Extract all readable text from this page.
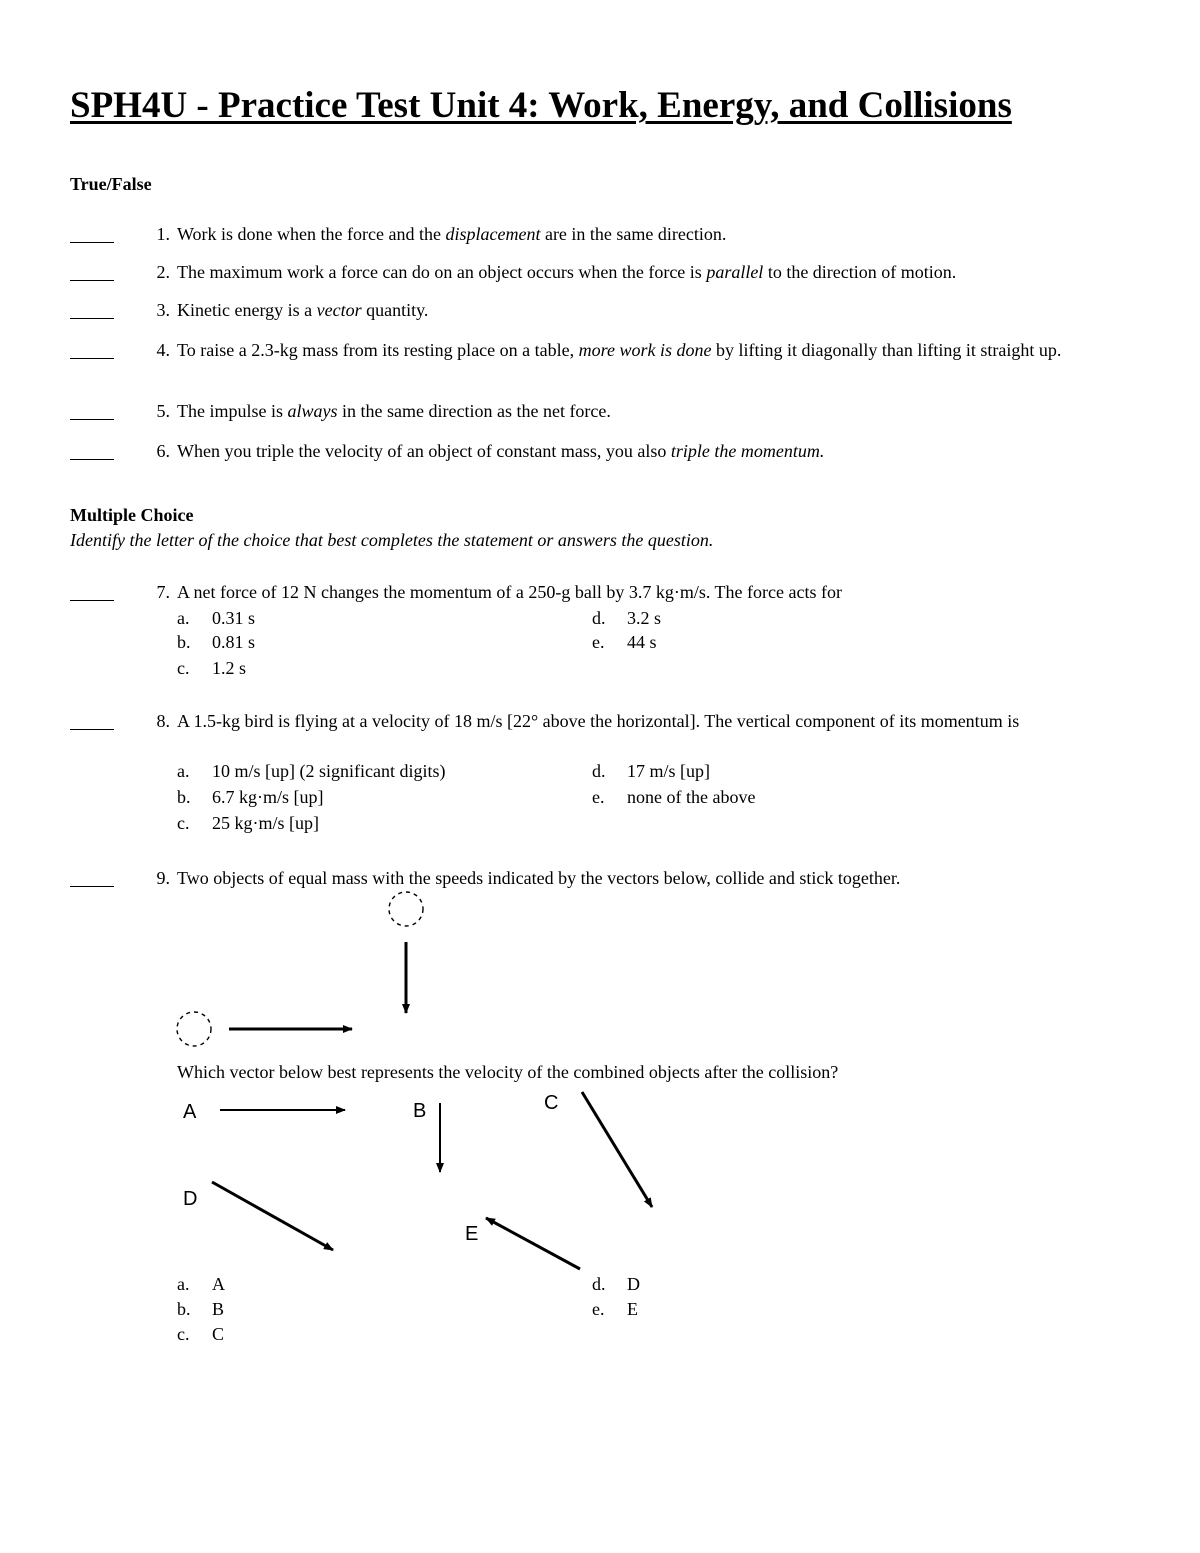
SPH4U - Practice Test Unit 4: Work, Energy, and Collisions
True/False
1. Work is done when the force and the displacement are in the same direction.
2. The maximum work a force can do on an object occurs when the force is parallel to the direction of motion.
3. Kinetic energy is a vector quantity.
4. To raise a 2.3-kg mass from its resting place on a table, more work is done by lifting it diagonally than lifting it straight up.
5. The impulse is always in the same direction as the net force.
6. When you triple the velocity of an object of constant mass, you also triple the momentum.
Multiple Choice
Identify the letter of the choice that best completes the statement or answers the question.
7. A net force of 12 N changes the momentum of a 250-g ball by 3.7 kg·m/s. The force acts for
a. 0.31 s
b. 0.81 s
c. 1.2 s
d. 3.2 s
e. 44 s
8. A 1.5-kg bird is flying at a velocity of 18 m/s [22° above the horizontal]. The vertical component of its momentum is
a. 10 m/s [up] (2 significant digits)
b. 6.7 kg·m/s [up]
c. 25 kg·m/s [up]
d. 17 m/s [up]
e. none of the above
9. Two objects of equal mass with the speeds indicated by the vectors below, collide and stick together.
A	B	C
D
E
Which vector below best represents the velocity of the combined objects after the collision?
a. A
b. B
c. C
d. D
e. E
